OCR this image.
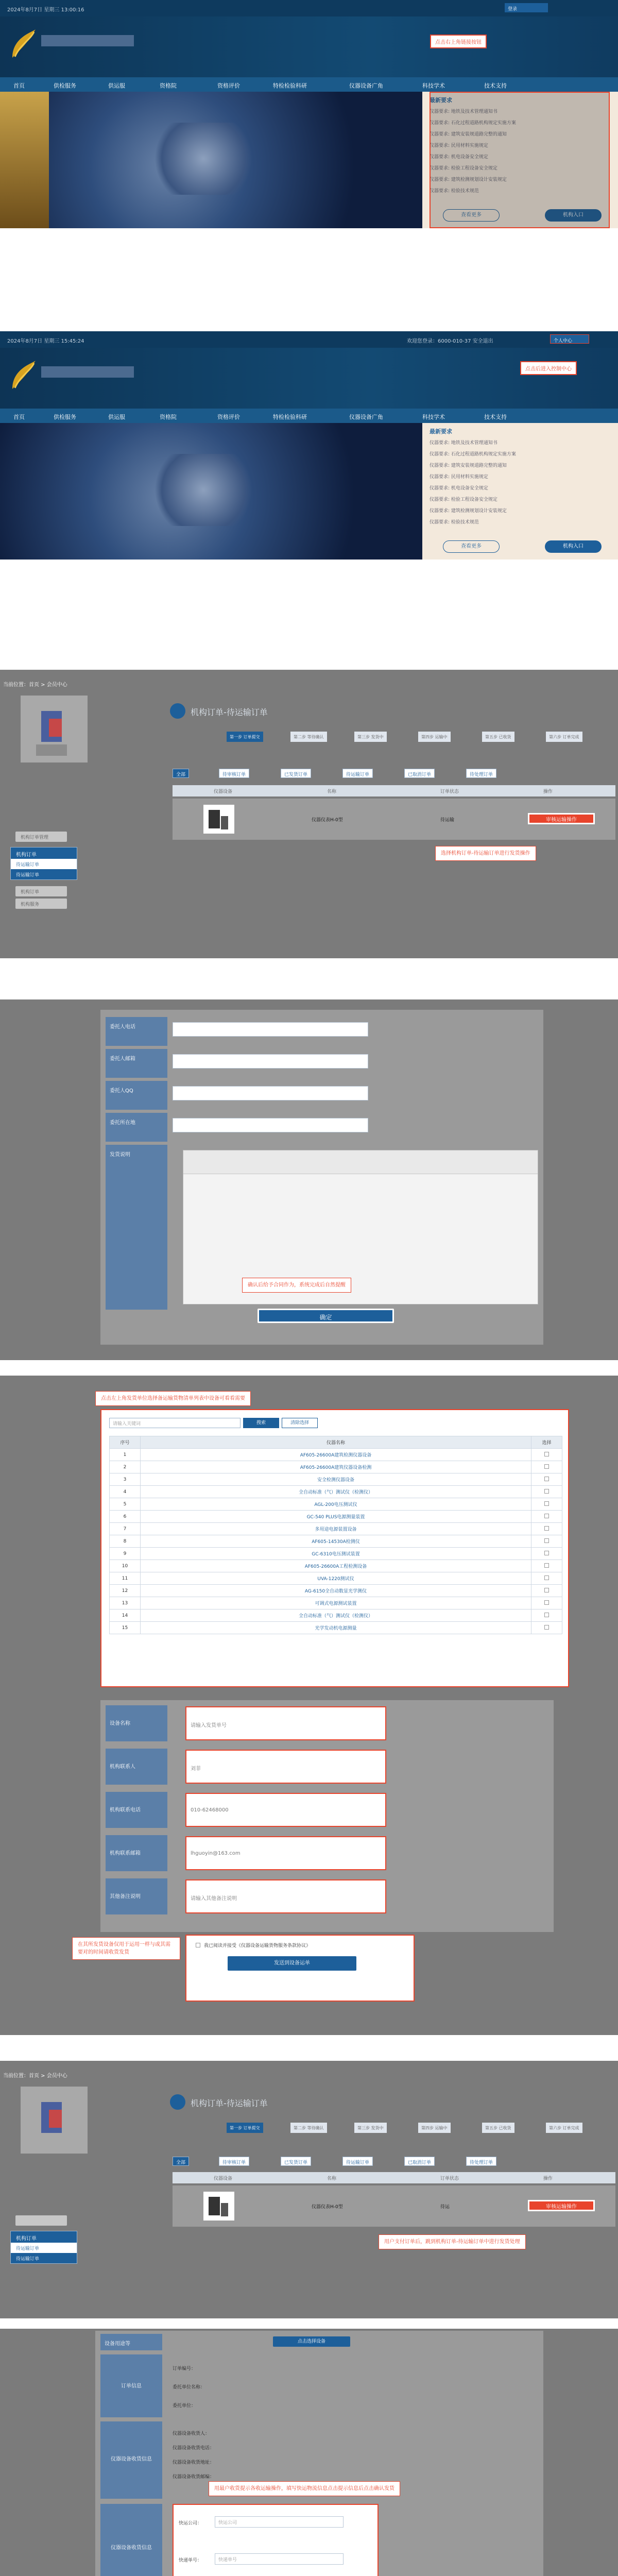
2024年8月7日 星期三 13:00:16	登录
点击右上角链接按钮
首页	供检服务	供运服	资格院	资格评价	特检检验科研	仪器设备广角	科技学术	技术支持
最新要求
仪器要求: 地铁及技术管理通知书
仪器要求: 石化过程道路机构规定实施方案
仪器要求: 建筑安装规道路完整的通知
仪器要求: 民用材料实施规定
仪器要求: 机电设备安全规定
仪器要求: 检验工程设备安全规定
仪器要求: 建筑检测规划设计安装规定
仪器要求: 检验技术规范
查看更多	机构入口
2024年8月7日 星期三 15:45:24	欢迎您登录：6000-010-37 安全退出	个人中心
点击后进入控制中心
首页	供检服务	供运服	资格院	资格评价	特检检验科研	仪器设备广角	科技学术	技术支持
最新要求
仪器要求: 地铁及技术管理通知书
仪器要求: 石化过程道路机构规定实施方案
仪器要求: 建筑安装规道路完整的通知
仪器要求: 民用材料实施规定
仪器要求: 机电设备安全规定
仪器要求: 检验工程设备安全规定
仪器要求: 建筑检测规划设计安装规定
仪器要求: 检验技术规范
查看更多	机构入口
当前位置：首页 > 会员中心
机构订单管理
机构订单
待运输订单
待运输订单
机构订单
机构服务
机构订单-待运输订单
第一步 订单提交	第二步 等待确认	第三步 发货中	第四步 运输中	第五步 已收货	第六步 订单完成
全部	待审核订单	已发货订单	待运输订单	已取消订单	待处理订单
仪器设备	名称	订单状态	操作
仪器仪表H-0型	待运输	审核运输操作
选择机构订单-待运输订单进行发货操作
委托人电话
委托人邮箱
委托人QQ
委托所在地
发货说明
确认后给予合同作为，系统完成后自然提醒
确定
点击左上角发货单位选择备运输货物清单列表中设备可看看需要
请输入关键词	搜索	清除选择
序号	仪器名称	选择
1	AF605-26600A建筑检测仪器设备	
2	AF605-26600A建筑仪器设备检测	
3	安全检测仪器设备	
4	全自动标准（气）测试仪（检测仪）	
5	AGL-200电压测试仪	
6	GC-540 PLUS电源测量装置	
7	多用途电源装置设备	
8	AF605-14530A检测仪	
9	GC-6310电压测试装置	
10	AF605-26600A工程检测设备	
11	UVA-1220测试仪	
12	AG-6150全自动数显光学测仪	
13	可调式电源测试装置	
14	全自动标准（气）测试仪（检测仪）	
15	光学发动机电源测量	
在其所发货设备仅用于运用一样与或其需要对的时间请收货发货
我已阅读并接受《仪器设备运输货物服务条款协议》
发送到设备运单
设备名称	请输入发货单号
机构联系人	刘菲
机构联系电话	010-62468000
机构联系邮箱	lhguoyin@163.com
其他备注说明	请输入其他备注说明
当前位置：首页 > 会员中心
机构订单
待运输订单
待运输订单
机构订单-待运输订单
第一步 订单提交	第二步 等待确认	第三步 发货中	第四步 运输中	第五步 已收货	第六步 订单完成
全部	待审核订单	已发货订单	待运输订单	已取消订单	待处理订单
仪器设备	名称	订单状态	操作
仪器仪表H-0型	待运	审核运输操作
用户支付订单后，跳到机构订单-待运输订单中进行发货处理
设备用途等	点击选择设备
订单信息
订单编号：
委托单位名称：
委托单位：
仪器设备收货信息
仪器设备收货人：
仪器设备收货电话：
仪器设备收货地址：
仪器设备收货邮编：
用最户收货提示各收运输操作，填写快运物流信息点击提示信息后点击确认发货
仪器设备收货信息
快运公司：	快运公司
快递单号：	快递单号
